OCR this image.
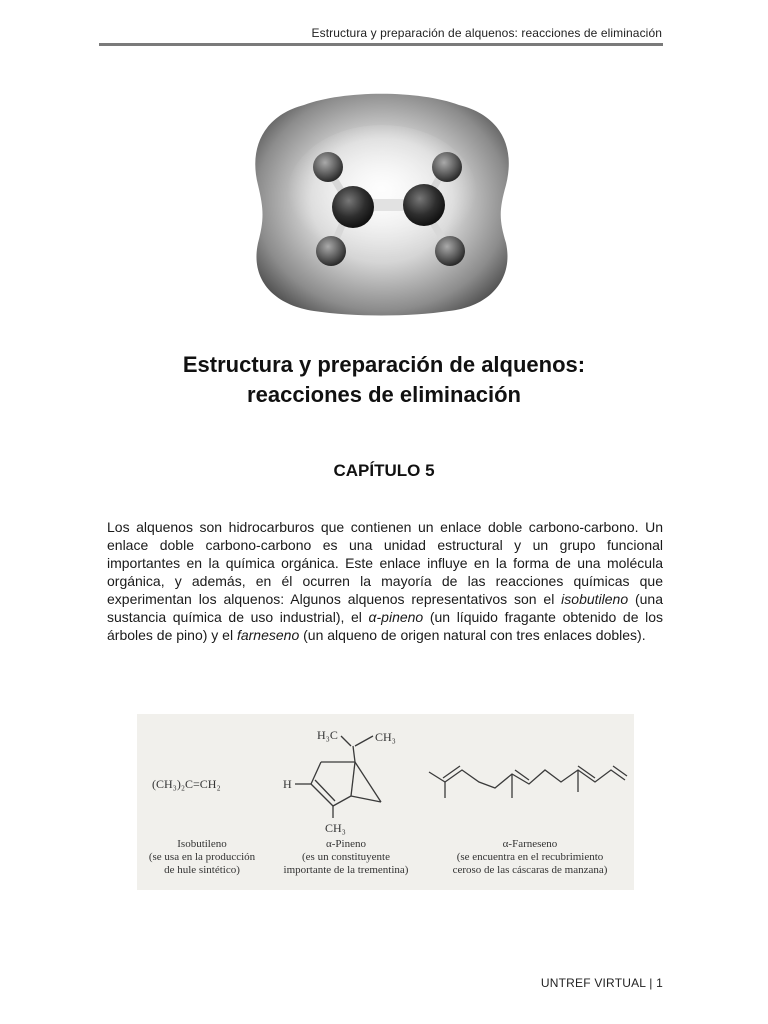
Estructura y preparación de alquenos: reacciones de eliminación
Estructura y preparación de alquenos:
reacciones de eliminación
CAPÍTULO 5

Los alquenos son hidrocarburos que contienen un enlace doble carbono-carbono. Un enlace doble carbono-carbono es una unidad estructural y un grupo funcional importantes en la química orgánica. Este enlace influye en la forma de una molécula orgánica, y además, en él ocurren la mayoría de las reacciones químicas que experimentan los alquenos: Algunos alquenos representativos son el isobutileno (una sustancia química de uso industrial), el α-pineno (un líquido fragante obtenido de los árboles de pino) y el farneseno (un alqueno de origen natural con tres enlaces dobles).

(CH₃)₂C=CH₂
H₃C	CH₃
H
CH₃
Isobutileno
(se usa en la producción
de hule sintético)
α-Pineno
(es un constituyente
importante de la trementina)
α-Farneseno
(se encuentra en el recubrimiento
ceroso de las cáscaras de manzana)
UNTREF VIRTUAL | 1
